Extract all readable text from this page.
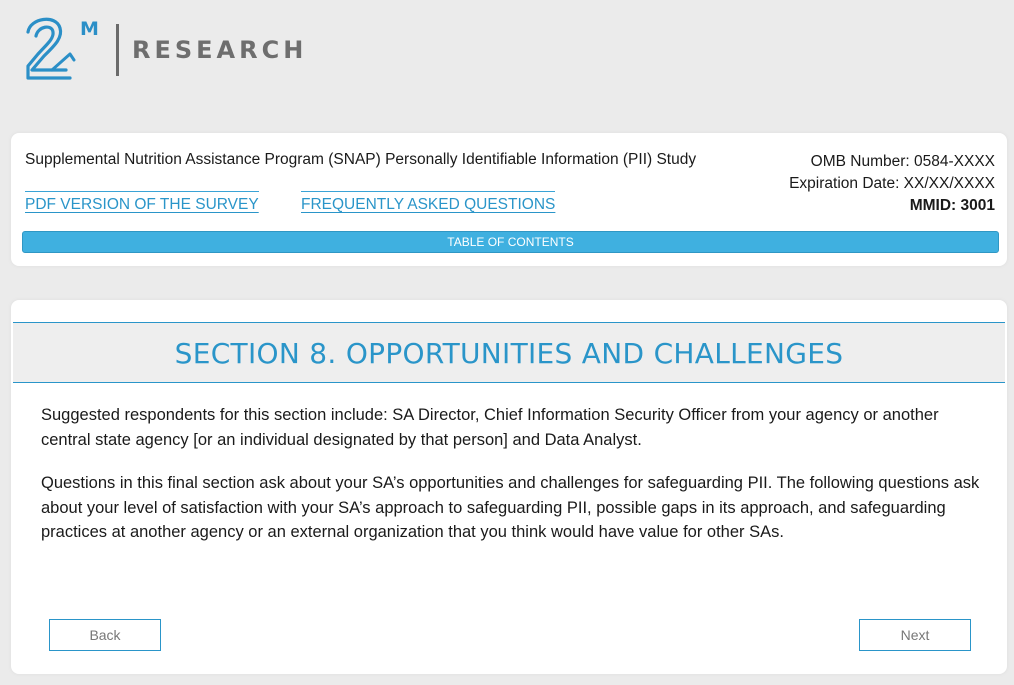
M
RESEARCH
Supplemental Nutrition Assistance Program (SNAP) Personally Identifiable Information (PII) Study	OMB Number: 0584-XXXX
Expiration Date: XX/XX/XXXX
MMID: 3001
PDF VERSION OF THE SURVEY	FREQUENTLY ASKED QUESTIONS
TABLE OF CONTENTS
SECTION 8. OPPORTUNITIES AND CHALLENGES

Suggested respondents for this section include: SA Director, Chief Information Security Officer from your agency or another central state agency [or an individual designated by that person] and Data Analyst.

Questions in this final section ask about your SA’s opportunities and challenges for safeguarding PII. The following questions ask about your level of satisfaction with your SA’s approach to safeguarding PII, possible gaps in its approach, and safeguarding practices at another agency or an external organization that you think would have value for other SAs.

Back	Next
